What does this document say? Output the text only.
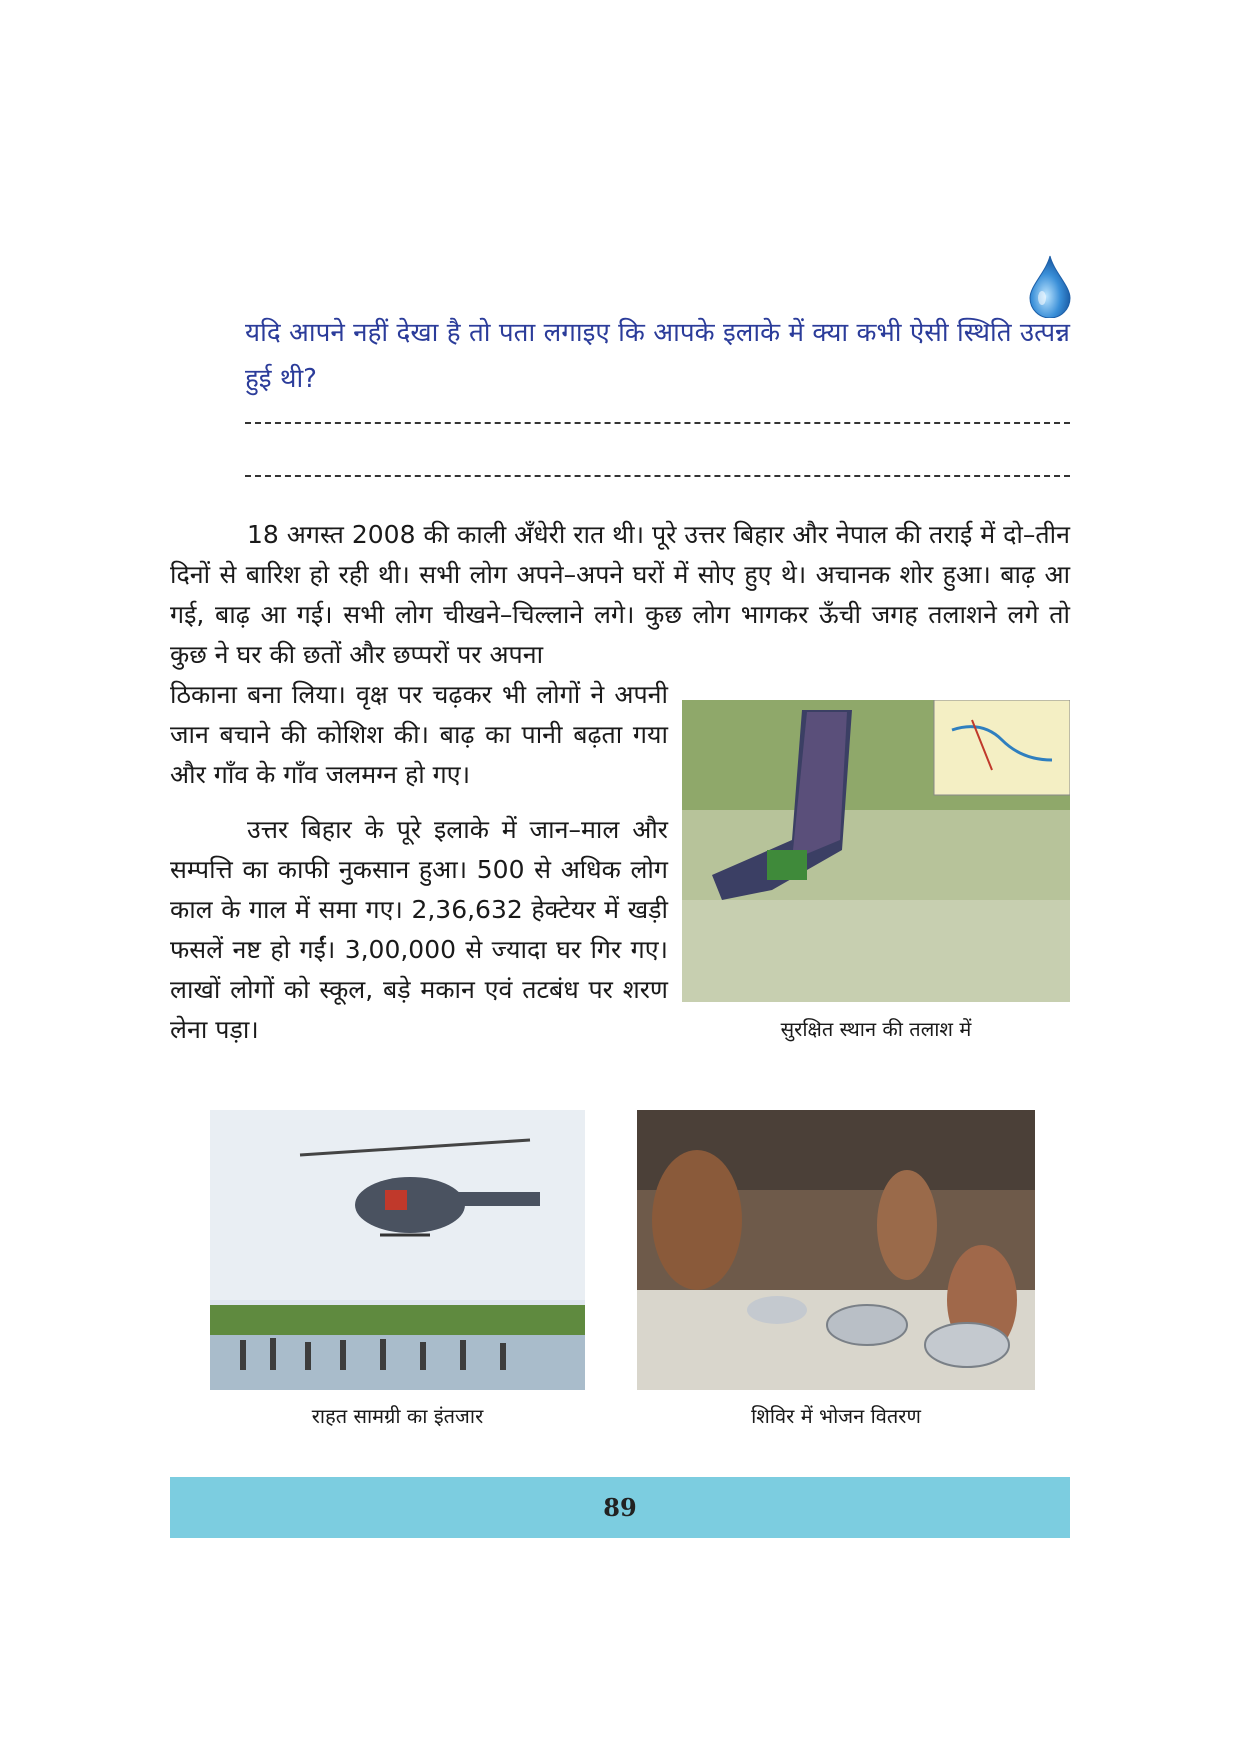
यदि आपने नहीं देखा है तो पता लगाइए कि आपके इलाके में क्या कभी ऐसी स्थिति उत्पन्न हुई थी?

18 अगस्त 2008 की काली अँधेरी रात थी। पूरे उत्तर बिहार और नेपाल की तराई में दो–तीन दिनों से बारिश हो रही थी। सभी लोग अपने–अपने घरों में सोए हुए थे। अचानक शोर हुआ। बाढ़ आ गई, बाढ़ आ गई। सभी लोग चीखने–चिल्लाने लगे। कुछ लोग भागकर ऊँची जगह तलाशने लगे तो कुछ ने घर की छतों और छप्परों पर अपना

ठिकाना बना लिया। वृक्ष पर चढ़कर भी लोगों ने अपनी जान बचाने की कोशिश की। बाढ़ का पानी बढ़ता गया और गाँव के गाँव जलमग्न हो गए।

उत्तर बिहार के पूरे इलाके में जान–माल और सम्पत्ति का काफी नुकसान हुआ। 500 से अधिक लोग काल के गाल में समा गए। 2,36,632 हेक्टेयर में खड़ी फसलें नष्ट हो गईं। 3,00,000 से ज्यादा घर गिर गए। लाखों लोगों को स्कूल, बड़े मकान एवं तटबंध पर शरण लेना पड़ा।	सुरक्षित स्थान की तलाश में
राहत सामग्री का इंतजार	शिविर में भोजन वितरण
89
